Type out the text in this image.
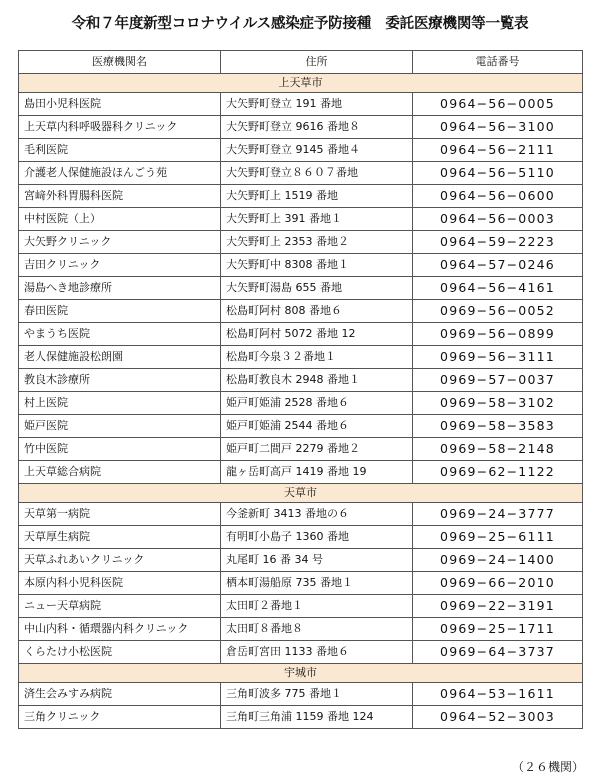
令和７年度新型コロナウイルス感染症予防接種　委託医療機関等一覧表
医療機関名	住所	電話番号
上天草市		
島田小児科医院	大矢野町登立 191 番地	0964−56−0005
上天草内科呼吸器科クリニック	大矢野町登立 9616 番地８	0964−56−3100
毛利医院	大矢野町登立 9145 番地４	0964−56−2111
介護老人保健施設ほんごう苑	大矢野町登立８６０７番地	0964−56−5110
宮﨑外科胃腸科医院	大矢野町上 1519 番地	0964−56−0600
中村医院（上）	大矢野町上 391 番地１	0964−56−0003
大矢野クリニック	大矢野町上 2353 番地２	0964−59−2223
吉田クリニック	大矢野町中 8308 番地１	0964−57−0246
湯島へき地診療所	大矢野町湯島 655 番地	0964−56−4161
春田医院	松島町阿村 808 番地６	0969−56−0052
やまうち医院	松島町阿村 5072 番地 12	0969−56−0899
老人保健施設松朗園	松島町今泉３２番地１	0969−56−3111
教良木診療所	松島町教良木 2948 番地１	0969−57−0037
村上医院	姫戸町姫浦 2528 番地６	0969−58−3102
姫戸医院	姫戸町姫浦 2544 番地６	0969−58−3583
竹中医院	姫戸町二間戸 2279 番地２	0969−58−2148
上天草総合病院	龍ヶ岳町高戸 1419 番地 19	0969−62−1122
天草市		
天草第一病院	今釜新町 3413 番地の６	0969−24−3777
天草厚生病院	有明町小島子 1360 番地	0969−25−6111
天草ふれあいクリニック	丸尾町 16 番 34 号	0969−24−1400
本原内科小児科医院	栖本町湯船原 735 番地１	0969−66−2010
ニュー天草病院	太田町２番地１	0969−22−3191
中山内科・循環器内科クリニック	太田町８番地８	0969−25−1711
くらたけ小松医院	倉岳町宮田 1133 番地６	0969−64−3737
宇城市		
済生会みすみ病院	三角町波多 775 番地１	0964−53−1611
三角クリニック	三角町三角浦 1159 番地 124	0964−52−3003
（２６機関）
